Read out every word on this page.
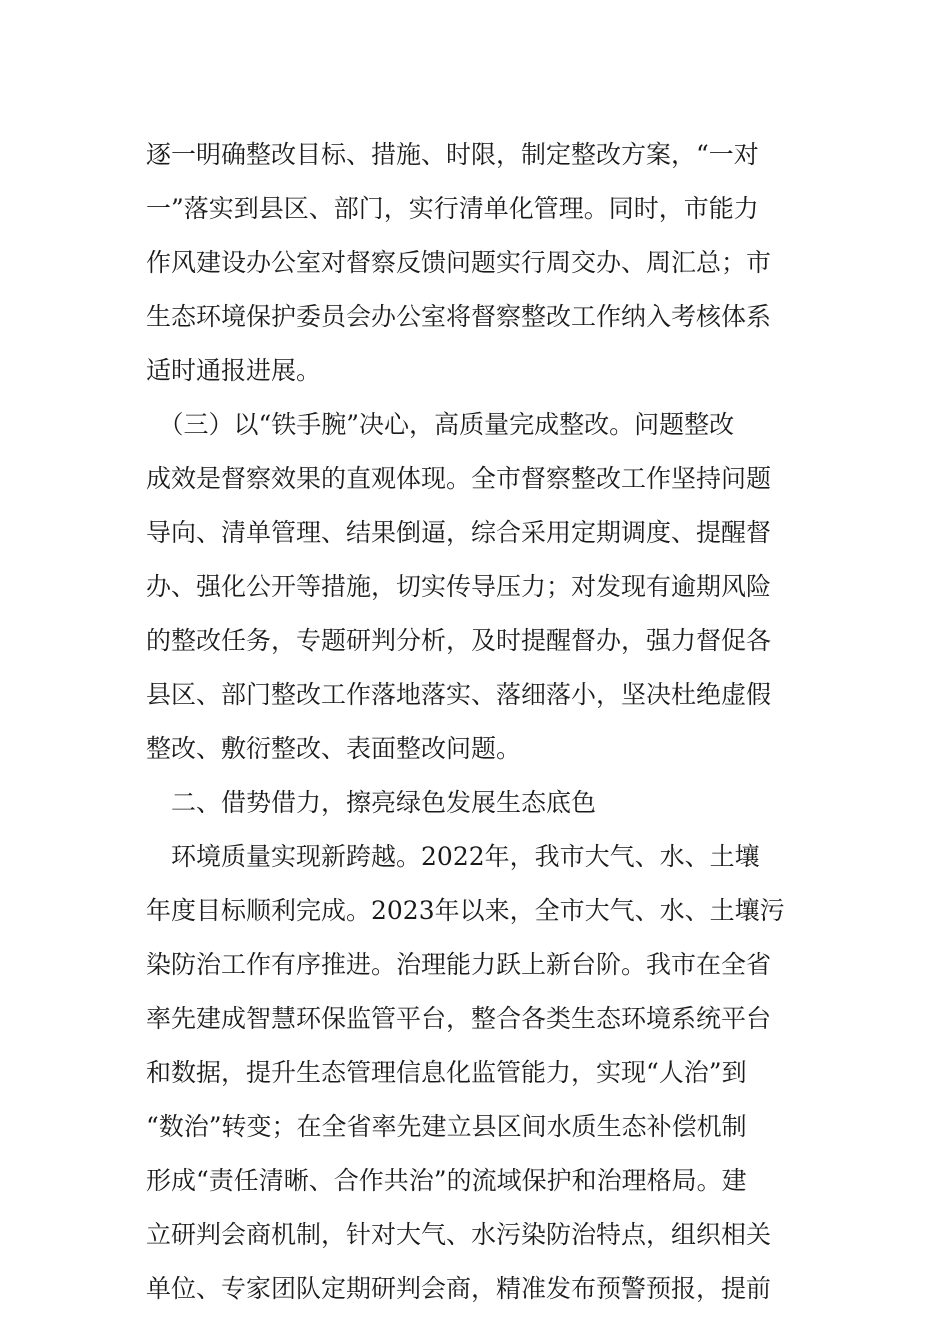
逐一明确整改目标、措施、时限，制定整改方案，“一对
一”落实到县区、部门，实行清单化管理。同时，市能力
作风建设办公室对督察反馈问题实行周交办、周汇总；市
生态环境保护委员会办公室将督察整改工作纳入考核体系
适时通报进展。
　（三）以“铁手腕”决心，高质量完成整改。问题整改
成效是督察效果的直观体现。全市督察整改工作坚持问题
导向、清单管理、结果倒逼，综合采用定期调度、提醒督
办、强化公开等措施，切实传导压力；对发现有逾期风险
的整改任务，专题研判分析，及时提醒督办，强力督促各
县区、部门整改工作落地落实、落细落小，坚决杜绝虚假
整改、敷衍整改、表面整改问题。
　二、借势借力，擦亮绿色发展生态底色
　环境质量实现新跨越。2022年，我市大气、水、土壤
年度目标顺利完成。2023年以来，全市大气、水、土壤污
染防治工作有序推进。治理能力跃上新台阶。我市在全省
率先建成智慧环保监管平台，整合各类生态环境系统平台
和数据，提升生态管理信息化监管能力，实现“人治”到
“数治”转变；在全省率先建立县区间水质生态补偿机制
形成“责任清晰、合作共治”的流域保护和治理格局。建
立研判会商机制，针对大气、水污染防治特点，组织相关
单位、专家团队定期研判会商，精准发布预警预报，提前
